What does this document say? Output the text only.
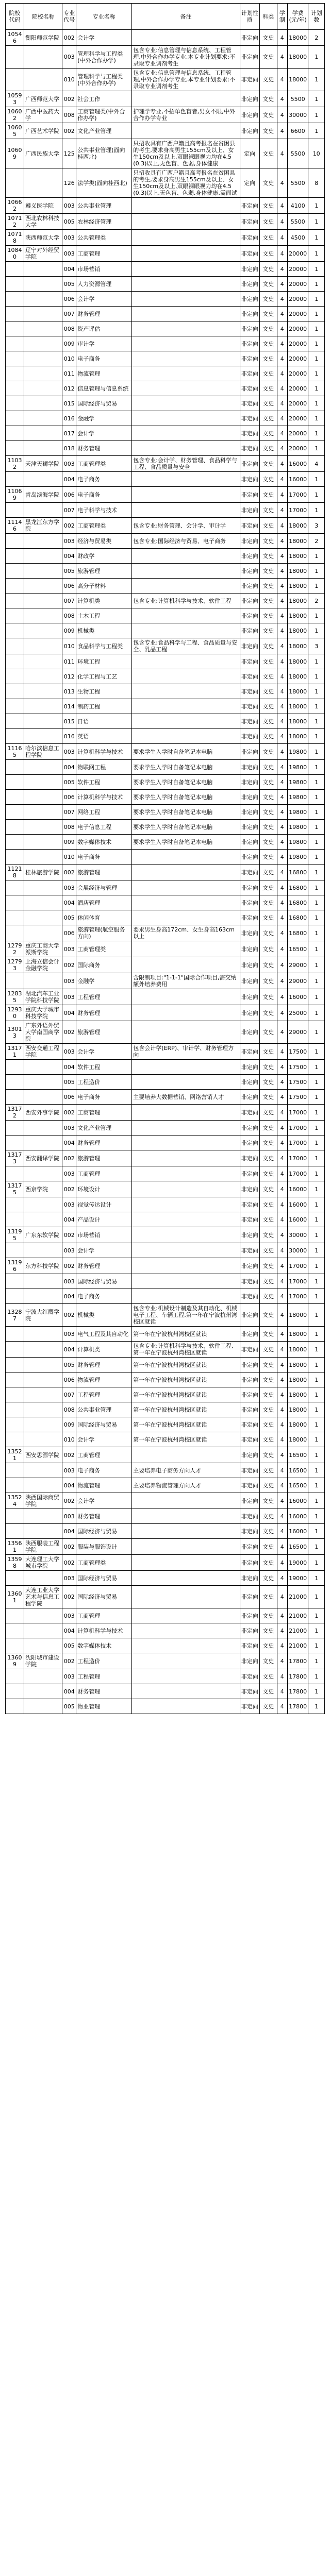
院校代码	院校名称	专业代号	专业名称	备注	计划性质	科类	学制	学费(元/年)	计划数
10546	衡阳师范学院	002	会计学		非定向	文史	4	18000	2
		003	管理科学与工程类(中外合作办学)	包含专业:信息管理与信息系统、工程管理,中外合作办学专业,本专业计划要求:不录取专业调剂考生	非定向	文史	4	18000	1
		010	管理科学与工程类(中外合作办学)	包含专业:信息管理与信息系统、工程管理,中外合作办学专业,本专业计划要求:不录取专业调剂考生	非定向	文史	4	18000	1
10593	广西师范大学	002	社会工作		非定向	文史	4	5500	1
10602	广西中医药大学	008	工商管理类(中外合作办学)	护理学专业,不招单色盲者,男女不限,中外合作办学专业	非定向	文史	4	30000	1
10605	广西艺术学院	002	文化产业管理		非定向	文史	4	6600	1
10609	广西民族大学	125	公共事业管理(面向桂西北)	只招收具有广西户籍且高考报名在贫困县的考生,要求身高男生155cm及以上、女生150cm及以上,双眼裸眼视力均在4.5(0.3)以上,无色盲、色弱,身体健康	定向	文史	4	5500	10
		126	法学类(面向桂西北)	只招收具有广西户籍且高考报名在贫困县的考生,要求身高男生155cm及以上、女生150cm及以上,双眼裸眼视力均在4.5(0.3)以上,无色盲、色弱,身体健康,需面试	定向	文史	4	5500	8
10662	遵义医学院	003	公共事业管理		非定向	文史	4	4100	1
10712	西北农林科技大学	005	农林经济管理		非定向	文史	4	5500	1
10718	陕西师范大学	003	公共管理类		非定向	文史	4	4500	1
10840	辽宁对外经贸学院	003	工商管理		非定向	文史	4	20000	1
		004	市场营销		非定向	文史	4	20000	1
		005	人力资源管理		非定向	文史	4	20000	1
		006	会计学		非定向	文史	4	20000	1
		007	财务管理		非定向	文史	4	20000	1
		008	资产评估		非定向	文史	4	20000	1
		009	审计学		非定向	文史	4	20000	1
		010	电子商务		非定向	文史	4	20000	1
		011	物流管理		非定向	文史	4	20000	1
		012	信息管理与信息系统		非定向	文史	4	20000	1
		015	国际经济与贸易		非定向	文史	4	20000	1
		016	金融学		非定向	文史	4	20000	1
		017	会计学		非定向	文史	4	20000	1
		018	财务管理		非定向	文史	4	20000	1
11032	天津天狮学院	003	工商管理类	包含专业:会计学、财务管理、食品科学与工程、食品质量与安全	非定向	文史	4	16000	4
		004	电子商务		非定向	文史	4	16000	1
11069	青岛滨海学院	006	电子商务		非定向	文史	4	17000	1
		007	电子科学与技术		非定向	文史	4	17000	1
11146	黑龙江东方学院	002	工商管理类	包含专业:财务管理、会计学、审计学	非定向	文史	4	18000	3
		003	经济与贸易类	包含专业:国际经济与贸易、电子商务	非定向	文史	4	18000	2
		004	财政学		非定向	文史	4	18000	1
		005	旅游管理		非定向	文史	4	18000	1
		006	高分子材料		非定向	文史	4	18000	1
		007	计算机类	包含专业:计算机科学与技术、软件工程	非定向	文史	4	18000	2
		008	土木工程		非定向	文史	4	18000	1
		009	机械类		非定向	文史	4	18000	1
		010	食品科学与工程类	包含专业:食品科学与工程、食品质量与安全、乳品工程	非定向	文史	4	18000	3
		011	环境工程		非定向	文史	4	18000	1
		012	化学工程与工艺		非定向	文史	4	18000	1
		013	生物工程		非定向	文史	4	18000	1
		014	制药工程		非定向	文史	4	18000	1
		015	日语		非定向	文史	4	18000	1
		016	英语		非定向	文史	4	18000	1
11165	哈尔滨信息工程学院	003	计算机科学与技术	要求学生入学时自备笔记本电脑	非定向	文史	4	19800	1
		004	物联网工程	要求学生入学时自备笔记本电脑	非定向	文史	4	19800	1
		005	软件工程	要求学生入学时自备笔记本电脑	非定向	文史	4	19800	1
		006	计算机科学与技术	要求学生入学时自备笔记本电脑	非定向	文史	4	19800	1
		007	网络工程	要求学生入学时自备笔记本电脑	非定向	文史	4	19800	1
		008	电子信息工程	要求学生入学时自备笔记本电脑	非定向	文史	4	19800	1
		009	数字媒体技术	要求学生入学时自备笔记本电脑	非定向	文史	4	19800	1
		010	电子商务		非定向	文史	4	19800	1
11218	桂林旅游学院	002	旅游管理		非定向	文史	4	16800	1
		003	会展经济与管理		非定向	文史	4	16800	1
		004	酒店管理		非定向	文史	4	16800	1
		005	休闲体育		非定向	文史	4	16800	1
		006	旅游管理(航空服务方向)	要求男生身高172cm、女生身高163cm以上	非定向	文史	4	16800	1
12792	重庆工商大学派斯学院	003	工商管理类		非定向	文史	4	16500	1
12793	上海立信会计金融学院	002	国际商务		非定向	文史	4	29000	1
		003	金融学	含限制项目:"1-1-1"国际合作项目,需交纳额外培养费用	非定向	文史	4	29000	1
12835	湖北汽车工业学院科技学院	003	工程管理		非定向	文史	4	16000	1
12930	重庆大学城市科技学院	004	财务管理		非定向	文史	4	25000	1
13013	广东外语外贸大学南国商学院	002	旅游管理		非定向	文史	4	29000	1
13171	西安交通工程学院	003	会计学	包含会计学(ERP)、审计学、财务管理方向	非定向	文史	4	17500	1
		004	软件工程		非定向	文史	4	17500	1
		005	工程造价		非定向	文史	4	17500	1
		006	电子商务	主要培养大数据营销、网络营销人才	非定向	文史	4	17500	1
13172	西安外事学院	002	工商管理		非定向	文史	4	17000	1
		003	文化产业管理		非定向	文史	4	17000	1
		004	财务管理		非定向	文史	4	17000	1
13173	西安翻译学院	002	旅游管理		非定向	文史	4	17000	1
		003	工商管理		非定向	文史	4	17000	1
13175	西京学院	002	环境设计		非定向	文史	4	16000	1
		003	视觉传达设计		非定向	文史	4	16000	1
		004	产品设计		非定向	文史	4	16000	1
13195	广东东软学院	002	市场营销		非定向	文史	4	30000	1
		003	会计学		非定向	文史	4	30000	1
13196	东方科技学院	002	财务管理		非定向	文史	4	17000	1
		003	国际经济与贸易		非定向	文史	4	17000	1
		004	电子商务		非定向	文史	4	17000	1
13287	宁波大红鹰学院	002	机械类	包含专业:机械设计制造及其自动化、机械电子工程、车辆工程,第一年在宁波杭州湾校区就读	非定向	文史	4	18000	1
		003	电气工程及其自动化	第一年在宁波杭州湾校区就读	非定向	文史	4	18000	1
		004	计算机类	包含专业:计算机科学与技术、软件工程,第一年在宁波杭州湾校区就读	非定向	文史	4	18000	1
		005	财务管理	第一年在宁波杭州湾校区就读	非定向	文史	4	18000	1
		006	物流管理	第一年在宁波杭州湾校区就读	非定向	文史	4	18000	1
		007	工程管理	第一年在宁波杭州湾校区就读	非定向	文史	4	18000	1
		008	公共事业管理	第一年在宁波杭州湾校区就读	非定向	文史	4	18000	1
		009	国际经济与贸易	第一年在宁波杭州湾校区就读	非定向	文史	4	18000	1
		010	会计学	第一年在宁波杭州湾校区就读	非定向	文史	4	18000	1
13521	西安思源学院	002	工商管理		非定向	文史	4	16500	1
		003	电子商务	主要培养电子商务方向人才	非定向	文史	4	16500	1
		004	物流管理	主要培养物流管理方向人才	非定向	文史	4	16500	1
13524	陕西国际商贸学院	002	会计学		非定向	文史	4	16000	1
		003	财务管理		非定向	文史	4	16000	1
		004	国际经济与贸易		非定向	文史	4	16000	1
13561	陕西服装工程学院	002	服装与服饰设计		非定向	文史	4	16500	1
13598	大连理工大学城市学院	002	工商管理类		非定向	文史	4	19000	1
		003	国际经济与贸易		非定向	文史	4	19000	1
13601	大连工业大学艺术与信息工程学院	002	国际经济与贸易		非定向	文史	4	21000	1
		003	工商管理		非定向	文史	4	21000	1
		004	计算机科学与技术		非定向	文史	4	21000	1
		005	数字媒体技术		非定向	文史	4	21000	1
13609	沈阳城市建设学院	002	工程造价		非定向	文史	4	17800	1
		003	工程管理		非定向	文史	4	17800	1
		004	财务管理		非定向	文史	4	17800	1
		005	物业管理		非定向	文史	4	17800	1
